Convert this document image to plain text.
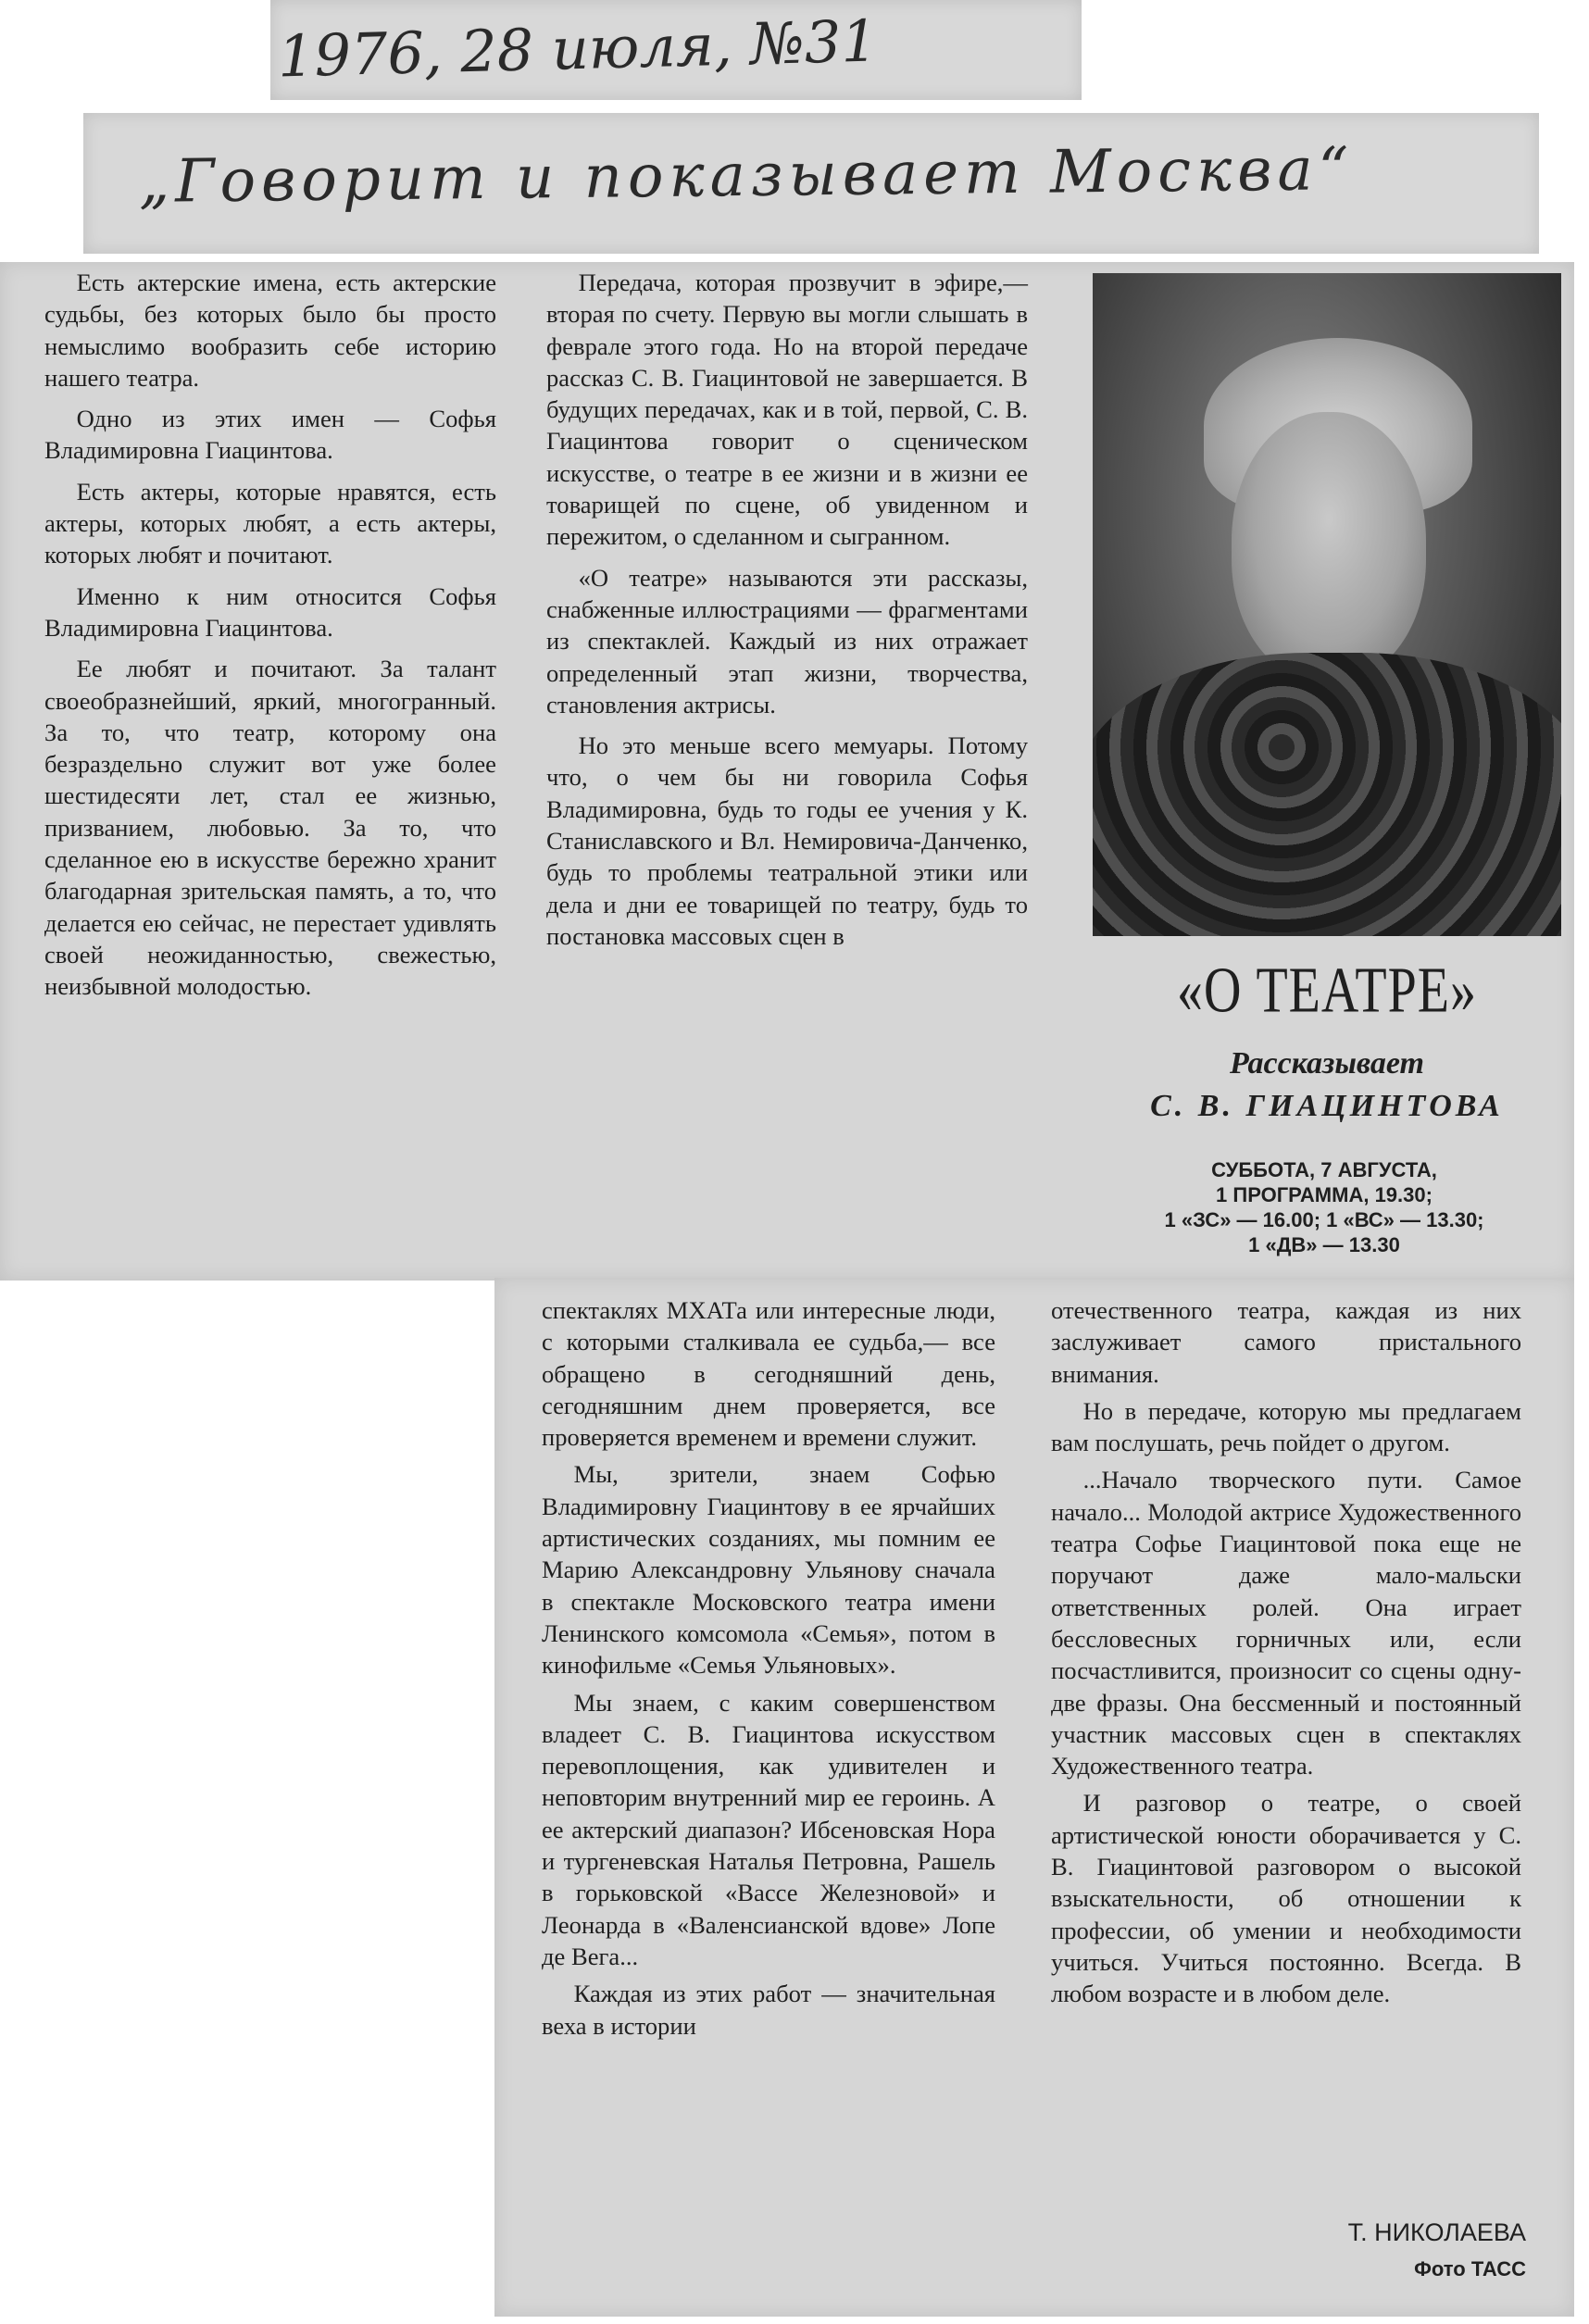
1976, 28 июля, №31
„Говорит и показывает Москва“

Есть актерские имена, есть актерские судьбы, без которых было бы просто немыслимо вообразить себе историю нашего театра.

Одно из этих имен — Софья Владимировна Гиацинтова.

Есть актеры, которые нравятся, есть актеры, которых любят, а есть актеры, которых любят и почитают.

Именно к ним относится Софья Владимировна Гиацинтова.

Ее любят и почитают. За талант своеобразнейший, яркий, многогранный. За то, что театр, которому она безраздельно служит вот уже более шестидесяти лет, стал ее жизнью, призванием, любовью. За то, что сделанное ею в искусстве бережно хранит благодарная зрительская память, а то, что делается ею сейчас, не перестает удивлять своей неожиданностью, свежестью, неизбывной молодостью.

Передача, которая прозвучит в эфире,— вторая по счету. Первую вы могли слышать в феврале этого года. Но на второй передаче рассказ С. В. Гиацинтовой не завершается. В будущих передачах, как и в той, первой, С. В. Гиацинтова говорит о сценическом искусстве, о театре в ее жизни и в жизни ее товарищей по сцене, об увиденном и пережитом, о сделанном и сыгранном.

«О театре» называются эти рассказы, снабженные иллюстрациями — фрагментами из спектаклей. Каждый из них отражает определенный этап жизни, творчества, становления актрисы.

Но это меньше всего мемуары. Потому что, о чем бы ни говорила Софья Владимировна, будь то годы ее учения у К. Станиславского и Вл. Немировича-Данченко, будь то проблемы театральной этики или дела и дни ее товарищей по театру, будь то постановка массовых сцен в

«О ТЕАТРЕ»
Рассказывает
С. В. ГИАЦИНТОВА
СУББОТА, 7 АВГУСТА,
1 ПРОГРАММА, 19.30;
1 «ЗС» — 16.00; 1 «ВС» — 13.30;
1 «ДВ» — 13.30

спектаклях МХАТа или интересные люди, с которыми сталкивала ее судьба,— все обращено в сегодняшний день, сегодняшним днем проверяется, все проверяется временем и времени служит.

Мы, зрители, знаем Софью Владимировну Гиацинтову в ее ярчайших артистических созданиях, мы помним ее Марию Александровну Ульянову сначала в спектакле Московского театра имени Ленинского комсомола «Семья», потом в кинофильме «Семья Ульяновых».

Мы знаем, с каким совершенством владеет С. В. Гиацинтова искусством перевоплощения, как удивителен и неповторим внутренний мир ее героинь. А ее актерский диапазон? Ибсеновская Нора и тургеневская Наталья Петровна, Рашель в горьковской «Вассе Железновой» и Леонарда в «Валенсианской вдове» Лопе де Вега...

Каждая из этих работ — значительная веха в истории

отечественного театра, каждая из них заслуживает самого пристального внимания.

Но в передаче, которую мы предлагаем вам послушать, речь пойдет о другом.

...Начало творческого пути. Самое начало... Молодой актрисе Художественного театра Софье Гиацинтовой пока еще не поручают даже мало-мальски ответственных ролей. Она играет бессловесных горничных или, если посчастливится, произносит со сцены одну-две фразы. Она бессменный и постоянный участник массовых сцен в спектаклях Художественного театра.

И разговор о театре, о своей артистической юности оборачивается у С. В. Гиацинтовой разговором о высокой взыскательности, об отношении к профессии, об умении и необходимости учиться. Учиться постоянно. Всегда. В любом возрасте и в любом деле.

Т. НИКОЛАЕВА
Фото ТАСС
